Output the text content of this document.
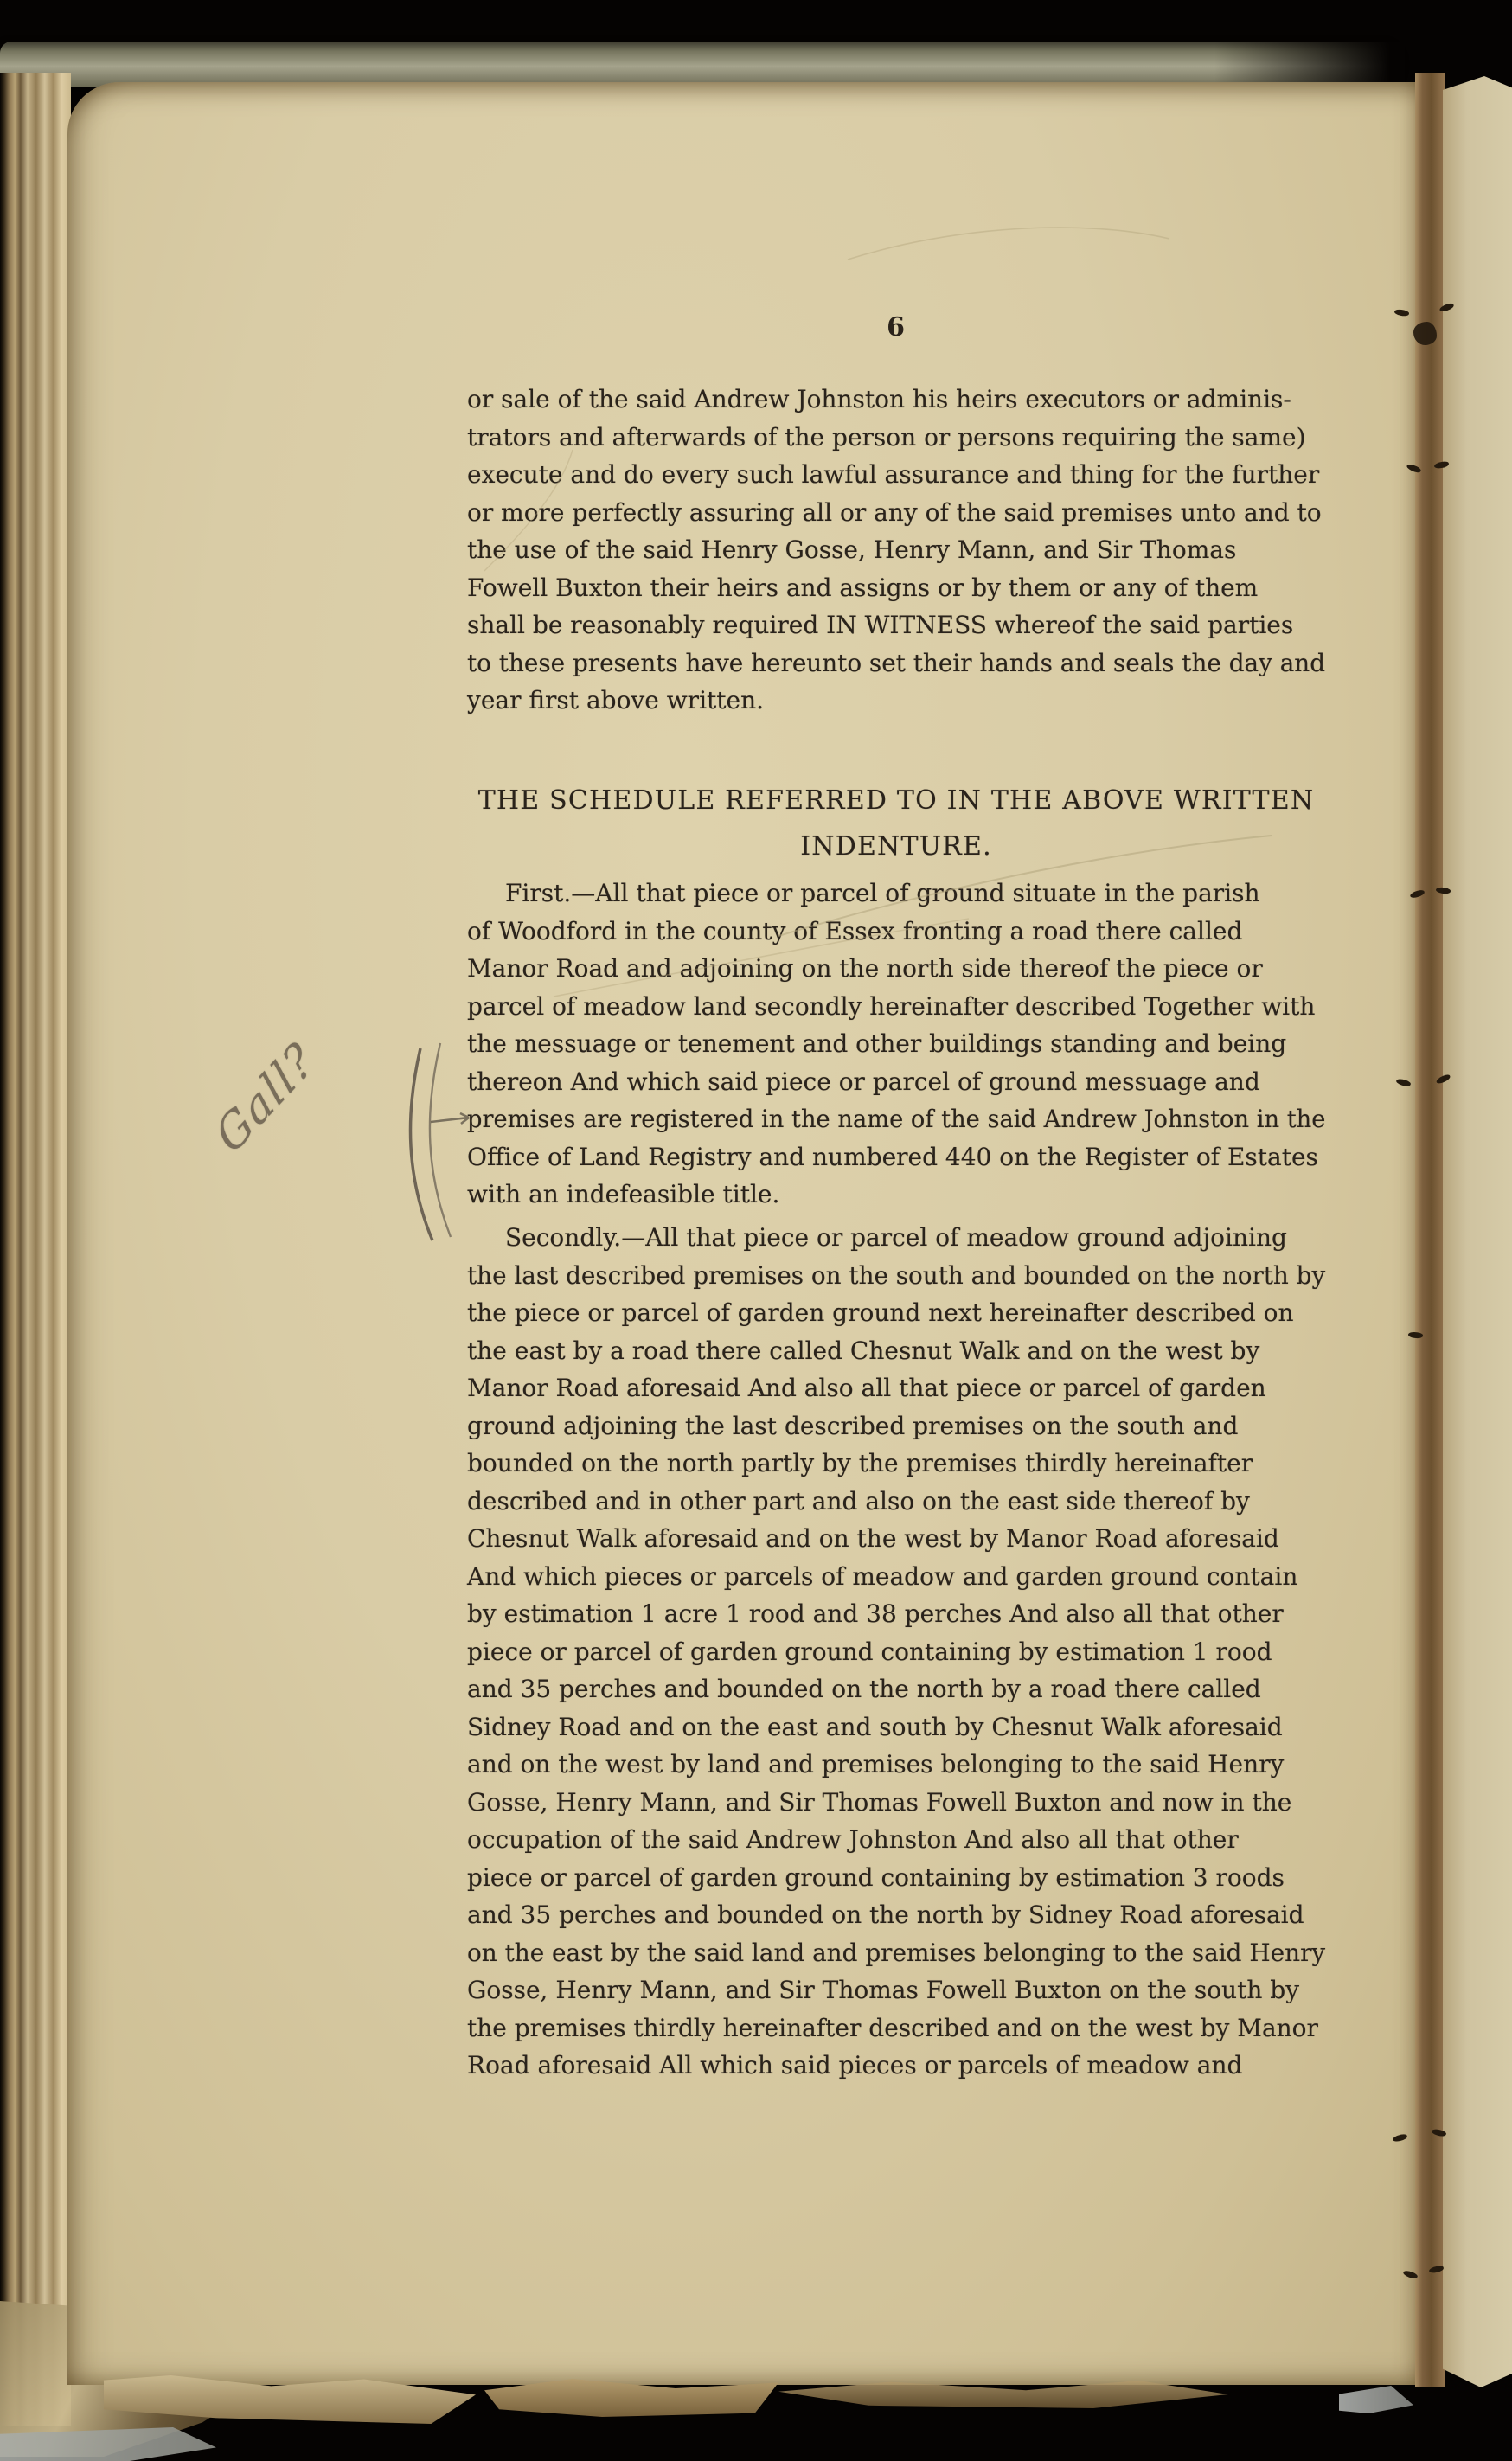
6
or sale of the said Andrew Johnston his heirs executors or adminis-
trators and afterwards of the person or persons requiring the same)
execute and do every such lawful assurance and thing for the further
or more perfectly assuring all or any of the said premises unto and to
the use of the said Henry Gosse, Henry Mann, and Sir Thomas
Fowell Buxton their heirs and assigns or by them or any of them
shall be reasonably required IN WITNESS whereof the said parties
to these presents have hereunto set their hands and seals the day and
year first above written.
THE SCHEDULE REFERRED TO IN THE ABOVE WRITTEN
INDENTURE.
First.—All that piece or parcel of ground situate in the parish
of Woodford in the county of Essex fronting a road there called
Manor Road and adjoining on the north side thereof the piece or
parcel of meadow land secondly hereinafter described Together with
the messuage or tenement and other buildings standing and being
thereon And which said piece or parcel of ground messuage and
premises are registered in the name of the said Andrew Johnston in the
Office of Land Registry and numbered 440 on the Register of Estates
with an indefeasible title.
Secondly.—All that piece or parcel of meadow ground adjoining
the last described premises on the south and bounded on the north by
the piece or parcel of garden ground next hereinafter described on
the east by a road there called Chesnut Walk and on the west by
Manor Road aforesaid And also all that piece or parcel of garden
ground adjoining the last described premises on the south and
bounded on the north partly by the premises thirdly hereinafter
described and in other part and also on the east side thereof by
Chesnut Walk aforesaid and on the west by Manor Road aforesaid
And which pieces or parcels of meadow and garden ground contain
by estimation 1 acre 1 rood and 38 perches And also all that other
piece or parcel of garden ground containing by estimation 1 rood
and 35 perches and bounded on the north by a road there called
Sidney Road and on the east and south by Chesnut Walk aforesaid
and on the west by land and premises belonging to the said Henry
Gosse, Henry Mann, and Sir Thomas Fowell Buxton and now in the
occupation of the said Andrew Johnston And also all that other
piece or parcel of garden ground containing by estimation 3 roods
and 35 perches and bounded on the north by Sidney Road aforesaid
on the east by the said land and premises belonging to the said Henry
Gosse, Henry Mann, and Sir Thomas Fowell Buxton on the south by
the premises thirdly hereinafter described and on the west by Manor
Road aforesaid All which said pieces or parcels of meadow and
Gall?
